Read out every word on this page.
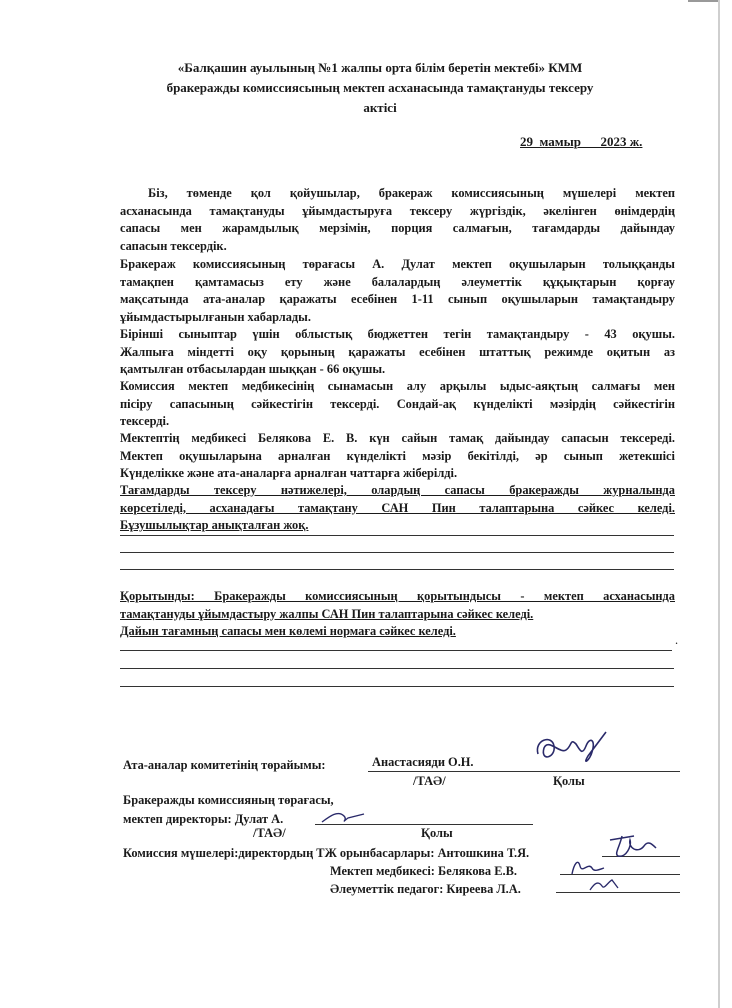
«Балқашин ауылының №1 жалпы орта білім беретін мектебі» КММ
бракеражды комиссиясының мектеп асханасында тамақтануды тексеру
актісі
29  мамыр      2023 ж.
Біз, төменде қол қойушылар, бракераж комиссиясының мүшелері мектеп
асханасында тамақтануды ұйымдастыруға тексеру жүргіздік, әкелінген өнімдердің
сапасы мен жарамдылық мерзімін, порция салмағын, тағамдарды дайындау
сапасын тексердік.
Бракераж комиссиясының төрағасы А. Дулат мектеп оқушыларын толыққанды
тамақпен қамтамасыз ету және балалардың әлеуметтік құқықтарын қорғау
мақсатында ата-аналар қаражаты есебінен 1-11 сынып оқушыларын тамақтандыру
ұйымдастырылғанын хабарлады.
Бірінші сыныптар үшін облыстық бюджеттен тегін тамақтандыру - 43 оқушы.
Жалпыға міндетті оқу қорының қаражаты есебінен штаттық режимде оқитын аз
қамтылған отбасылардан шыққан - 66 оқушы.
Комиссия мектеп медбикесінің сынамасын алу арқылы ыдыс-аяқтың салмағы мен
пісіру сапасының сәйкестігін тексерді. Сондай-ақ күнделікті мәзірдің сәйкестігін
тексерді.
Мектептің медбикесі Белякова Е. В. күн сайын тамақ дайындау сапасын тексереді.
Мектеп оқушыларына арналған күнделікті мәзір бекітілді, әр сынып жетекшісі
Күнделікке және ата-аналарға арналған чаттарға жіберілді.
Тағамдарды тексеру нәтижелері, олардың сапасы бракеражды журналында
көрсетіледі, асханадағы тамақтану САН Пин талаптарына сәйкес келеді.
Бұзушылықтар анықталған жоқ.
Қорытынды: Бракеражды комиссиясының қорытындысы - мектеп асханасында
тамақтануды ұйымдастыру жалпы САН Пин талаптарына сәйкес келеді.
Дайын тағамның сапасы мен көлемі нормаға сәйкес келеді.
.
Ата-аналар комитетінің төрайымы:	Анастасияди О.Н.
/ТАӘ/	Қолы
Бракеражды комиссияның төрағасы,
мектеп директоры: Дулат А.
/ТАӘ/	Қолы
Комиссия мүшелері:директордың ТЖ орынбасарлары: Антошкина Т.Я.
Мектеп медбикесі: Белякова Е.В.
Әлеуметтік педагог: Киреева Л.А.
